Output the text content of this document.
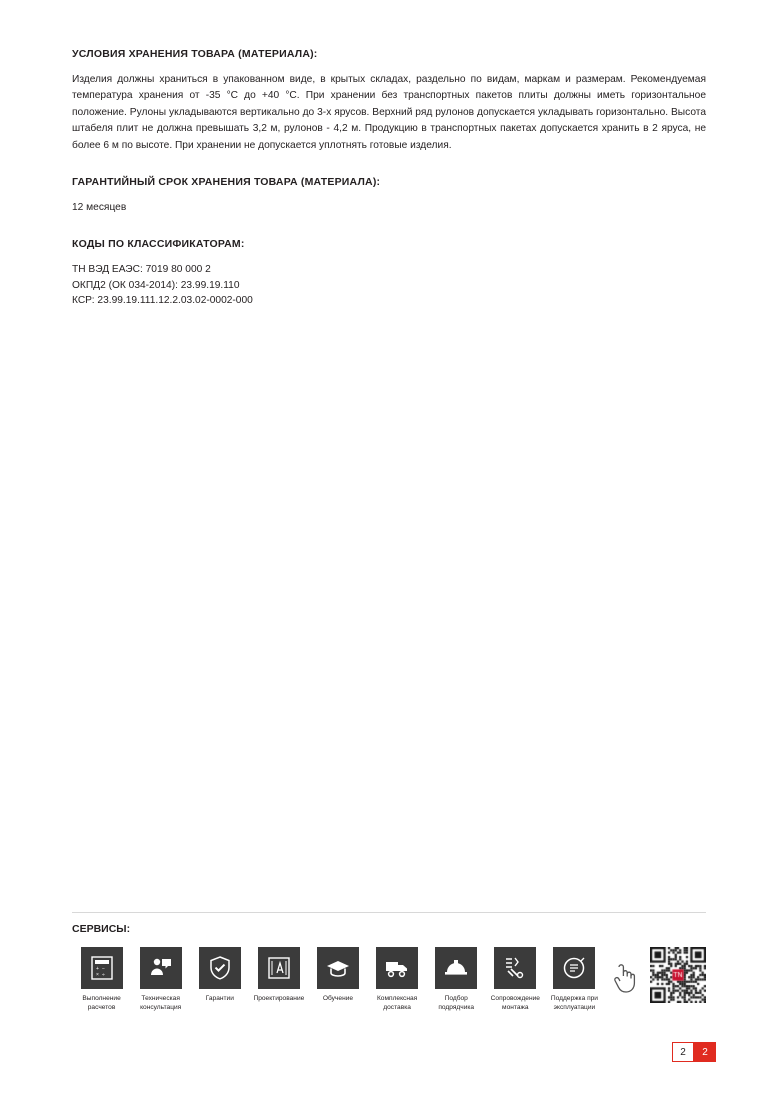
УСЛОВИЯ ХРАНЕНИЯ ТОВАРА (МАТЕРИАЛА):

Изделия должны храниться в упакованном виде, в крытых складах, раздельно по видам, маркам и размерам. Рекомендуемая температура хранения от -35 °C до +40 °C. При хранении без транспортных пакетов плиты должны иметь горизонтальное положение. Рулоны укладываются вертикально до 3-х ярусов. Верхний ряд рулонов допускается укладывать горизонтально. Высота штабеля плит не должна превышать 3,2 м, рулонов - 4,2 м. Продукцию в транспортных пакетах допускается хранить в 2 яруса, не более 6 м по высоте. При хранении не допускается уплотнять готовые изделия.

ГАРАНТИЙНЫЙ СРОК ХРАНЕНИЯ ТОВАРА (МАТЕРИАЛА):

12 месяцев

КОДЫ ПО КЛАССИФИКАТОРАМ:
ТН ВЭД ЕАЭС: 7019 80 000 2
ОКПД2 (ОК 034-2014): 23.99.19.110
КСР: 23.99.19.111.12.2.03.02-0002-000
СЕРВИСЫ:
+ −
× ÷
Выполнение расчетов
Техническая консультация
Гарантии	Проектирование	Обучение	Комплексная доставка
Подбор подрядчика
Сопровождение монтажа
Поддержка при эксплуатации
2	2
